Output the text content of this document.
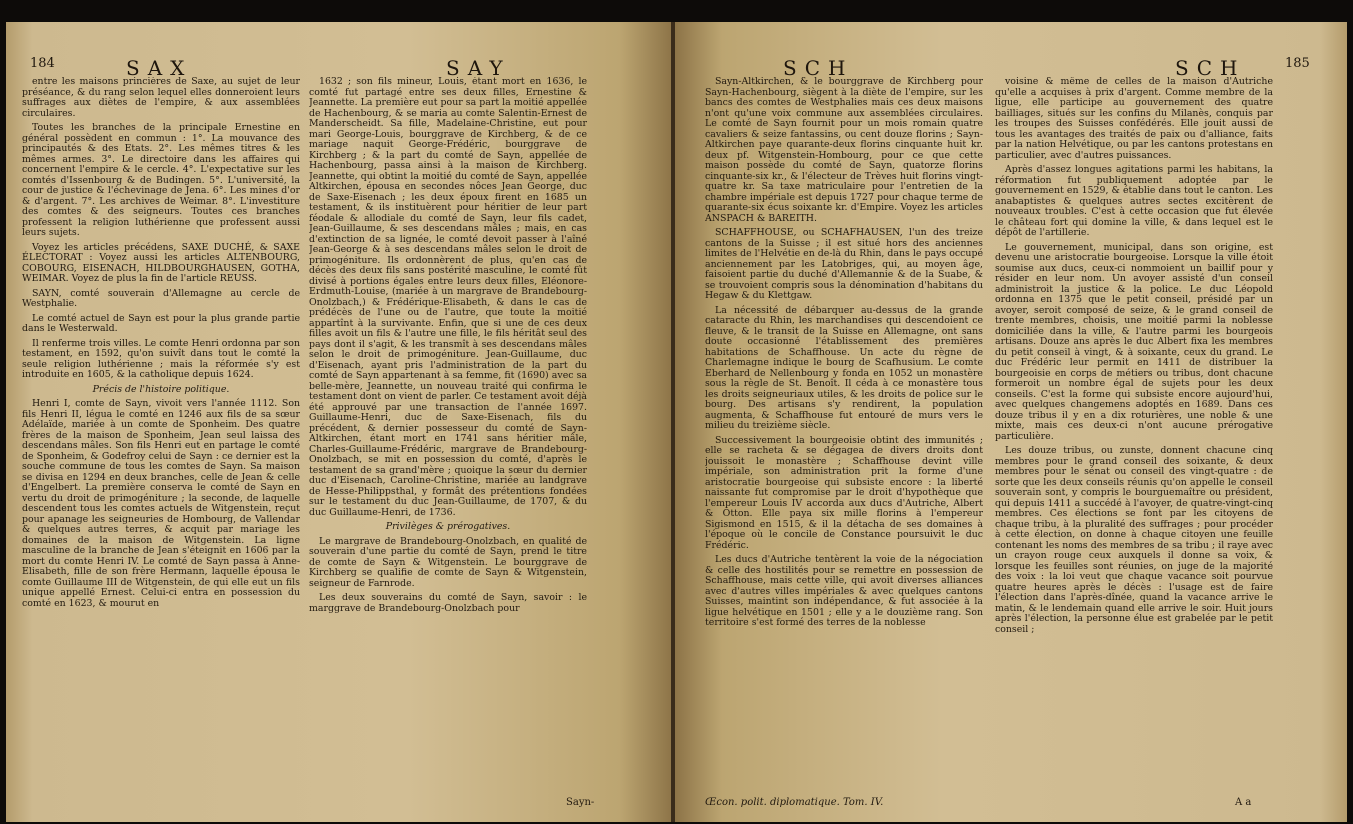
184	SAX	SAY

entre les maisons princières de Saxe, au sujet de leur préséance, & du rang selon lequel elles donneroient leurs suffrages aux diètes de l'empire, & aux assemblées circulaires.

Toutes les branches de la principale Ernestine en général possèdent en commun : 1°. La mouvance des principautés & des Etats. 2°. Les mêmes titres & les mêmes armes. 3°. Le directoire dans les affaires qui concernent l'empire & le cercle. 4°. L'expectative sur les comtés d'Issenbourg & de Budingen. 5°. L'université, la cour de justice & l'échevinage de Jena. 6°. Les mines d'or & d'argent. 7°. Les archives de Weimar. 8°. L'investiture des comtes & des seigneurs. Toutes ces branches professent la religion luthérienne que professent aussi leurs sujets.

Voyez les articles précédens, SAXE DUCHÉ, & SAXE ÉLECTORAT : Voyez aussi les articles ALTENBOURG, COBOURG, EISENACH, HILDBOURGHAUSEN, GOTHA, WEIMAR. Voyez de plus la fin de l'article REUSS.

SAYN, comté souverain d'Allemagne au cercle de Westphalie.

Le comté actuel de Sayn est pour la plus grande partie dans le Westerwald.

Il renferme trois villes. Le comte Henri ordonna par son testament, en 1592, qu'on suivît dans tout le comté la seule religion luthérienne ; mais la réformée s'y est introduite en 1605, & la catholique depuis 1624.

Précis de l'histoire politique.

Henri I, comte de Sayn, vivoit vers l'année 1112. Son fils Henri II, légua le comté en 1246 aux fils de sa sœur Adélaïde, mariée à un comte de Sponheim. Des quatre frères de la maison de Sponheim, Jean seul laissa des descendans mâles. Son fils Henri eut en partage le comté de Sponheim, & Godefroy celui de Sayn : ce dernier est la souche commune de tous les comtes de Sayn. Sa maison se divisa en 1294 en deux branches, celle de Jean & celle d'Engelbert. La première conserva le comté de Sayn en vertu du droit de primogéniture ; la seconde, de laquelle descendent tous les comtes actuels de Witgenstein, reçut pour apanage les seigneuries de Hombourg, de Vallendar & quelques autres terres, & acquit par mariage les domaines de la maison de Witgenstein. La ligne masculine de la branche de Jean s'éteignit en 1606 par la mort du comte Henri IV. Le comté de Sayn passa à Anne-Elisabeth, fille de son frère Hermann, laquelle épousa le comte Guillaume III de Witgenstein, de qui elle eut un fils unique appellé Ernest. Celui-ci entra en possession du comté en 1623, & mourut en

1632 ; son fils mineur, Louis, étant mort en 1636, le comté fut partagé entre ses deux filles, Ernestine & Jeannette. La première eut pour sa part la moitié appellée de Hachenbourg, & se maria au comte Salentin-Ernest de Manderscheidt. Sa fille, Madelaine-Christine, eut pour mari George-Louis, bourggrave de Kirchberg, & de ce mariage naquit George-Frédéric, bourggrave de Kirchberg ; & la part du comté de Sayn, appellée de Hachenbourg, passa ainsi à la maison de Kirchberg. Jeannette, qui obtint la moitié du comté de Sayn, appellée Altkirchen, épousa en secondes nôces Jean George, duc de Saxe-Eisenach ; les deux époux firent en 1685 un testament, & ils instituèrent pour héritier de leur part féodale & allodiale du comté de Sayn, leur fils cadet, Jean-Guillaume, & ses descendans mâles ; mais, en cas d'extinction de sa lignée, le comté devoit passer à l'aîné Jean-George & à ses descendans mâles selon le droit de primogéniture. Ils ordonnèrent de plus, qu'en cas de décès des deux fils sans postérité masculine, le comté fût divisé à portions égales entre leurs deux filles, Eléonore-Erdmuth-Louise, (mariée à un margrave de Brandebourg-Onolzbach,) & Frédérique-Elisabeth, & dans le cas de prédécès de l'une ou de l'autre, que toute la moitié appartînt à la survivante. Enfin, que si une de ces deux filles avoit un fils & l'autre une fille, le fils héritât seul des pays dont il s'agit, & les transmît à ses descendans mâles selon le droit de primogéniture. Jean-Guillaume, duc d'Eisenach, ayant pris l'administration de la part du comté de Sayn appartenant à sa femme, fit (1690) avec sa belle-mère, Jeannette, un nouveau traité qui confirma le testament dont on vient de parler. Ce testament avoit déjà été approuvé par une transaction de l'année 1697. Guillaume-Henri, duc de Saxe-Eisenach, fils du précédent, & dernier possesseur du comté de Sayn-Altkirchen, étant mort en 1741 sans héritier mâle, Charles-Guillaume-Frédéric, margrave de Brandebourg-Onolzbach, se mit en possession du comté, d'après le testament de sa grand'mère ; quoique la sœur du dernier duc d'Eisenach, Caroline-Christine, mariée au landgrave de Hesse-Philippsthal, y formât des prétentions fondées sur le testament du duc Jean-Guillaume, de 1707, & du duc Guillaume-Henri, de 1736.

Privilèges & prérogatives.

Le margrave de Brandebourg-Onolzbach, en qualité de souverain d'une partie du comté de Sayn, prend le titre de comte de Sayn & Witgenstein. Le bourggrave de Kirchberg se qualifie de comte de Sayn & Witgenstein, seigneur de Farnrode.

Les deux souverains du comté de Sayn, savoir : le marggrave de Brandebourg-Onolzbach pour

Sayn-
SCH	SCH	185

Sayn-Altkirchen, & le bourggrave de Kirchberg pour Sayn-Hachenbourg, siègent à la diète de l'empire, sur les bancs des comtes de Westphalies mais ces deux maisons n'ont qu'une voix commune aux assemblées circulaires. Le comté de Sayn fournit pour un mois romain quatre cavaliers & seize fantassins, ou cent douze florins ; Sayn-Altkirchen paye quarante-deux florins cinquante huit kr. deux pf. Witgenstein-Hombourg, pour ce que cette maison possède du comté de Sayn, quatorze florins cinquante-six kr., & l'électeur de Trèves huit florins vingt-quatre kr. Sa taxe matriculaire pour l'entretien de la chambre impériale est depuis 1727 pour chaque terme de quarante-six écus soixante kr. d'Empire. Voyez les articles ANSPACH & BAREITH.

SCHAFFHOUSE, ou SCHAFHAUSEN, l'un des treize cantons de la Suisse ; il est situé hors des anciennes limites de l'Helvétie en de-là du Rhin, dans le pays occupé anciennement par les Latobriges, qui, au moyen âge, faisoient partie du duché d'Allemannie & de la Suabe, & se trouvoient compris sous la dénomination d'habitans du Hegaw & du Klettgaw.

La nécessité de débarquer au-dessus de la grande cataracte du Rhin, les marchandises qui descendoient ce fleuve, & le transit de la Suisse en Allemagne, ont sans doute occasionné l'établissement des premières habitations de Schaffhouse. Un acte du règne de Charlemagne indique le bourg de Scafhusium. Le comte Eberhard de Nellenbourg y fonda en 1052 un monastère sous la règle de St. Benoît. Il céda à ce monastère tous les droits seigneuriaux utiles, & les droits de police sur le bourg. Des artisans s'y rendirent, la population augmenta, & Schaffhouse fut entouré de murs vers le milieu du treizième siècle.

Successivement la bourgeoisie obtint des immunités ; elle se racheta & se dégagea de divers droits dont jouissoit le monastère ; Schaffhouse devint ville impériale, son administration prit la forme d'une aristocratie bourgeoise qui subsiste encore : la liberté naissante fut compromise par le droit d'hypothèque que l'empereur Louis IV accorda aux ducs d'Autriche, Albert & Otton. Elle paya six mille florins à l'empereur Sigismond en 1515, & il la détacha de ses domaines à l'époque où le concile de Constance poursuivit le duc Frédéric.

Les ducs d'Autriche tentèrent la voie de la négociation & celle des hostilités pour se remettre en possession de Schaffhouse, mais cette ville, qui avoit diverses alliances avec d'autres villes impériales & avec quelques cantons Suisses, maintint son indépendance, & fut associée à la ligue helvétique en 1501 ; elle y a le douzième rang. Son territoire s'est formé des terres de la noblesse

voisine & même de celles de la maison d'Autriche qu'elle a acquises à prix d'argent. Comme membre de la ligue, elle participe au gouvernement des quatre bailliages, situés sur les confins du Milanès, conquis par les troupes des Suisses confédérés. Elle jouit aussi de tous les avantages des traités de paix ou d'alliance, faits par la nation Helvétique, ou par les cantons protestans en particulier, avec d'autres puissances.

Après d'assez longues agitations parmi les habitans, la réformation fut publiquement adoptée par le gouvernement en 1529, & établie dans tout le canton. Les anabaptistes & quelques autres sectes excitèrent de nouveaux troubles. C'est à cette occasion que fut élevée le château fort qui domine la ville, & dans lequel est le dépôt de l'artillerie.

Le gouvernement, municipal, dans son origine, est devenu une aristocratie bourgeoise. Lorsque la ville étoit soumise aux ducs, ceux-ci nommoient un baillif pour y résider en leur nom. Un avoyer assisté d'un conseil administroit la justice & la police. Le duc Léopold ordonna en 1375 que le petit conseil, présidé par un avoyer, seroit composé de seize, & le grand conseil de trente membres, choisis, une moitié parmi la noblesse domiciliée dans la ville, & l'autre parmi les bourgeois artisans. Douze ans après le duc Albert fixa les membres du petit conseil à vingt, & à soixante, ceux du grand. Le duc Frédéric leur permit en 1411 de distribuer la bourgeoisie en corps de métiers ou tribus, dont chacune formeroit un nombre égal de sujets pour les deux conseils. C'est la forme qui subsiste encore aujourd'hui, avec quelques changemens adoptés en 1689. Dans ces douze tribus il y en a dix roturières, une noble & une mixte, mais ces deux-ci n'ont aucune prérogative particulière.

Les douze tribus, ou zunste, donnent chacune cinq membres pour le grand conseil des soixante, & deux membres pour le sénat ou conseil des vingt-quatre : de sorte que les deux conseils réunis qu'on appelle le conseil souverain sont, y compris le bourguemaître ou président, qui depuis 1411 a succédé à l'avoyer, de quatre-vingt-cinq membres. Ces élections se font par les citoyens de chaque tribu, à la pluralité des suffrages ; pour procéder à cette élection, on donne à chaque citoyen une feuille contenant les noms des membres de sa tribu ; il raye avec un crayon rouge ceux auxquels il donne sa voix, & lorsque les feuilles sont réunies, on juge de la majorité des voix : la loi veut que chaque vacance soit pourvue quatre heures après le décès : l'usage est de faire l'élection dans l'après-dînée, quand la vacance arrive le matin, & le lendemain quand elle arrive le soir. Huit jours après l'élection, la personne élue est grabelée par le petit conseil ;

Œcon. polit. diplomatique. Tom. IV.	A a
